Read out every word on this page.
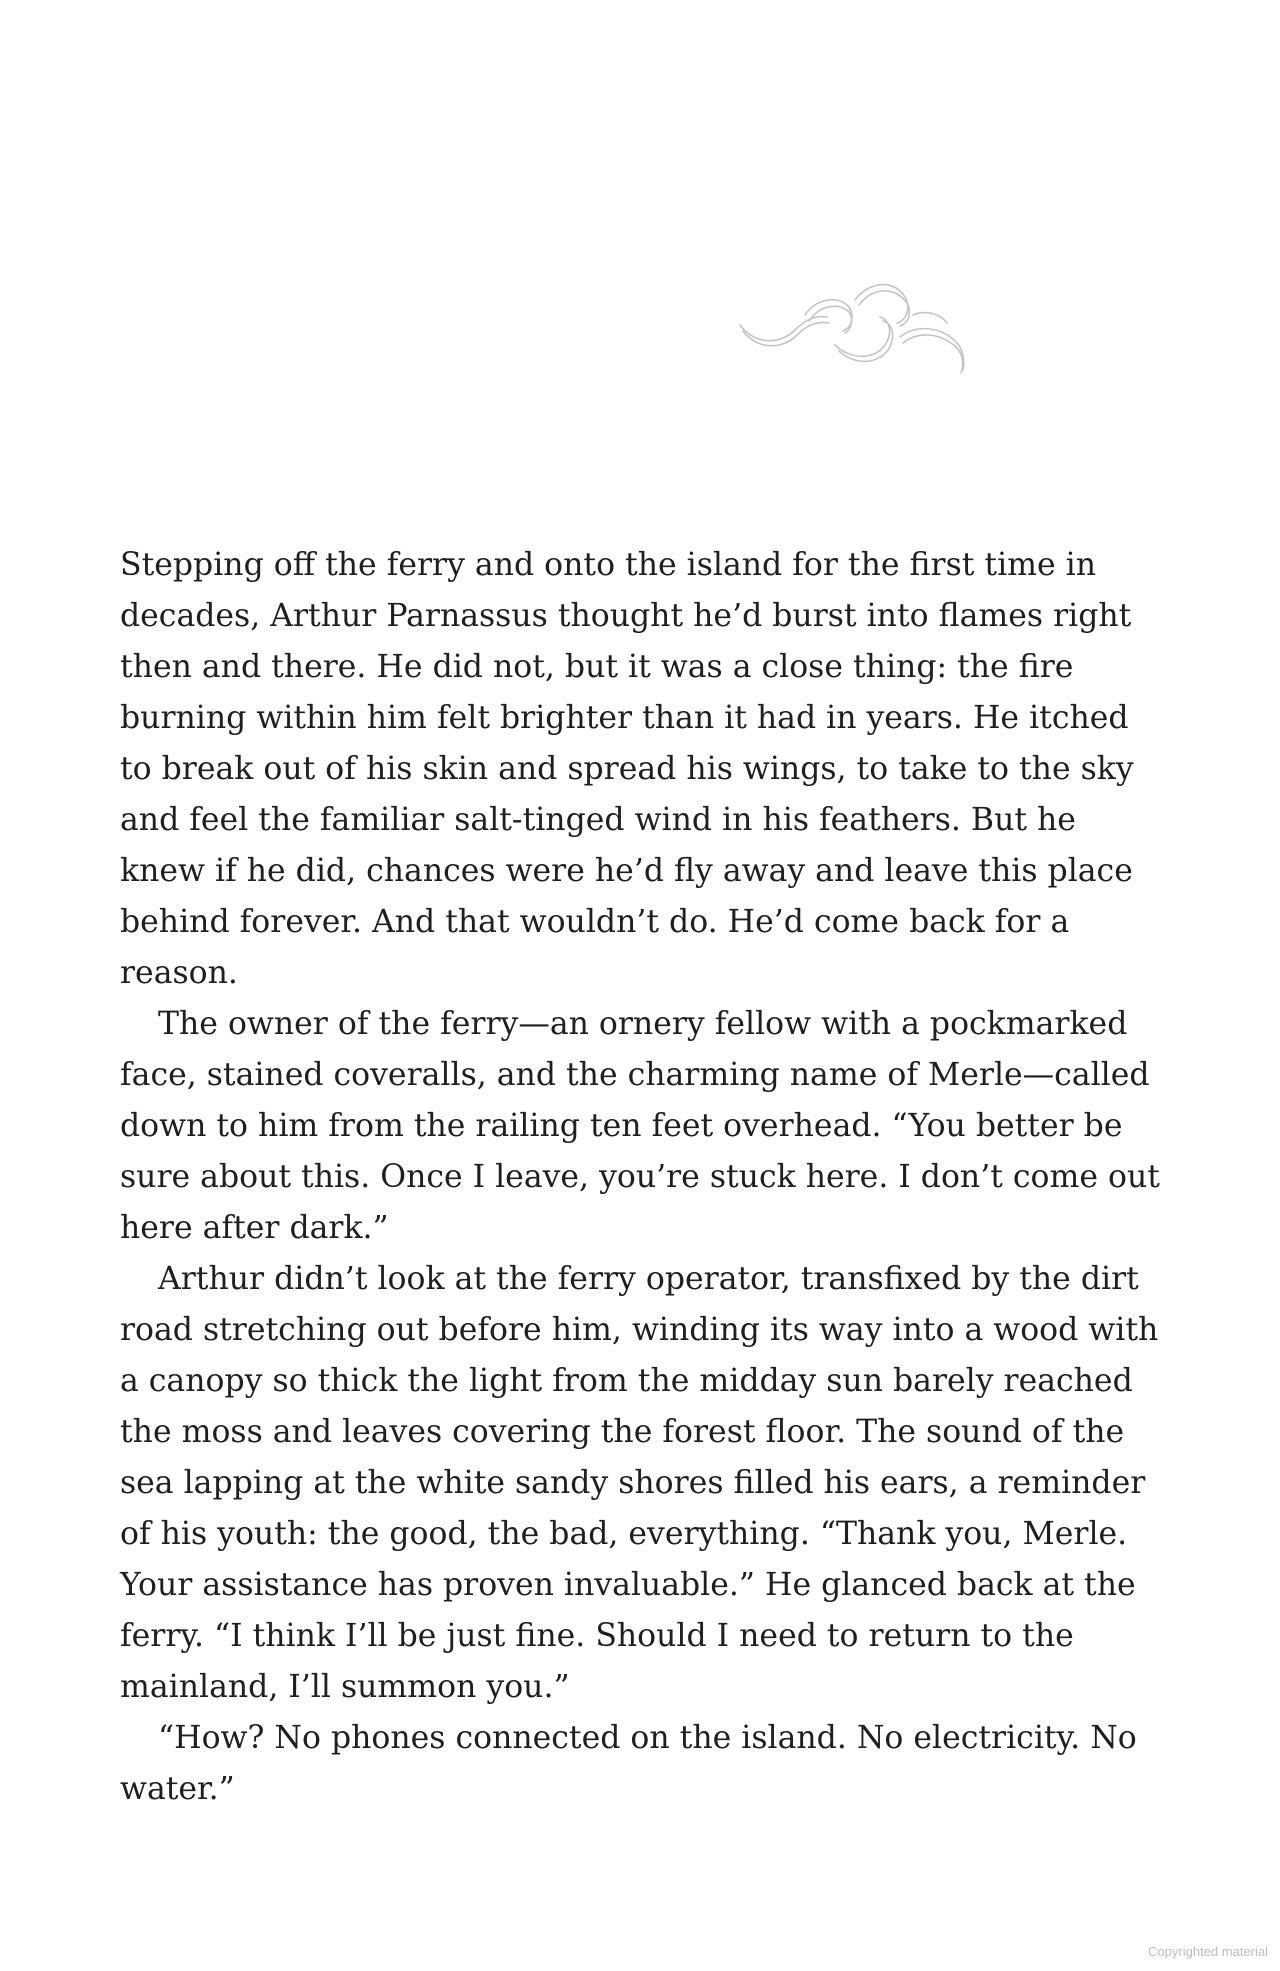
Stepping off the ferry and onto the island for the first time in
decades, Arthur Parnassus thought he’d burst into flames right
then and there. He did not, but it was a close thing: the fire
burning within him felt brighter than it had in years. He itched
to break out of his skin and spread his wings, to take to the sky
and feel the familiar salt-tinged wind in his feathers. But he
knew if he did, chances were he’d fly away and leave this place
behind forever. And that wouldn’t do. He’d come back for a
reason.
The owner of the ferry—an ornery fellow with a pockmarked
face, stained coveralls, and the charming name of Merle—called
down to him from the railing ten feet overhead. “You better be
sure about this. Once I leave, you’re stuck here. I don’t come out
here after dark.”
Arthur didn’t look at the ferry operator, transfixed by the dirt
road stretching out before him, winding its way into a wood with
a canopy so thick the light from the midday sun barely reached
the moss and leaves covering the forest floor. The sound of the
sea lapping at the white sandy shores filled his ears, a reminder
of his youth: the good, the bad, everything. “Thank you, Merle.
Your assistance has proven invaluable.” He glanced back at the
ferry. “I think I’ll be just fine. Should I need to return to the
mainland, I’ll summon you.”
“How? No phones connected on the island. No electricity. No
water.”
Copyrighted material
